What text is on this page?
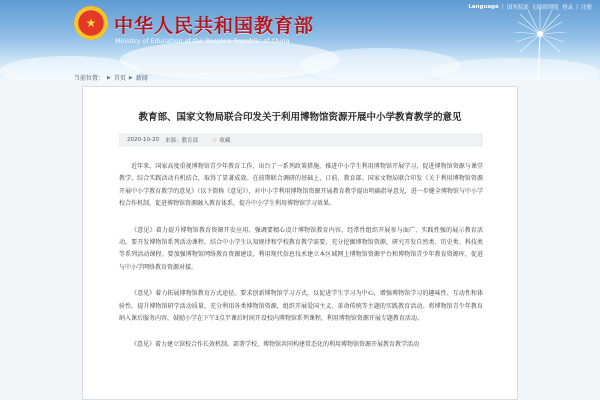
★ 中华人民共和国教育部
Ministry of Education of the People's Republic of China
Language | 国务院部 无障碍浏览 登录 | 注册
当前位置： ▶ 首页 ▶ 新闻
教育部、国家文物局联合印发关于利用博物馆资源开展中小学教育教学的意见
2020-10-20 来源：教育部 ☆ 收藏

近年来，国家高度重视博物馆青少年教育工作，出台了一系列政策措施，推进中小学生利用博物馆开展学习，促进博物馆资源与课堂教学、综合实践活动有机结合，取得了显著成效。在前期联合调研的基础上，日前，教育部、国家文物局联合印发《关于利用博物馆资源开展中小学教育教学的意见》（以下简称《意见》），对中小学利用博物馆资源开展教育教学提出明确指导意见，进一步健全博物馆与中小学校合作机制，促进博物馆资源融入教育体系，提升中小学生利用博物馆学习效果。

《意见》着力提升博物馆教育资源开发应用。强调要精心设计博物馆教育内容，经常性组织开展参与面广、实践性强的展示教育活动。要开发博物馆系列活动课程，结合中小学生认知规律和学校教育教学需要，充分挖掘博物馆资源，研究开发自然类、历史类、科技类等系列活动课程。要加强博物馆网络教育资源建设，利用现代信息技术建立本区域网上博物馆资源平台和博物馆青少年教育资源库，促进与中小学网络教育资源对接。

《意见》着力拓展博物馆教育方式途径。要求创新博物馆学习方式，以促进学生学习为中心，增强博物馆学习的趣味性、互动性和体验性。提升博物馆研学活动质量，充分利用各类博物馆资源，组织开展爱国主义、革命传统等主题的实践教育活动。将博物馆青少年教育纳入课后服务内容，鼓励小学在下午3点半课后时间开设校内博物馆系列课程，利用博物馆资源开展专题教育活动。

《意见》着力建立馆校合作长效机制。部署学校、博物馆共同构建常态化的利用博物馆资源开展教育教学活动
